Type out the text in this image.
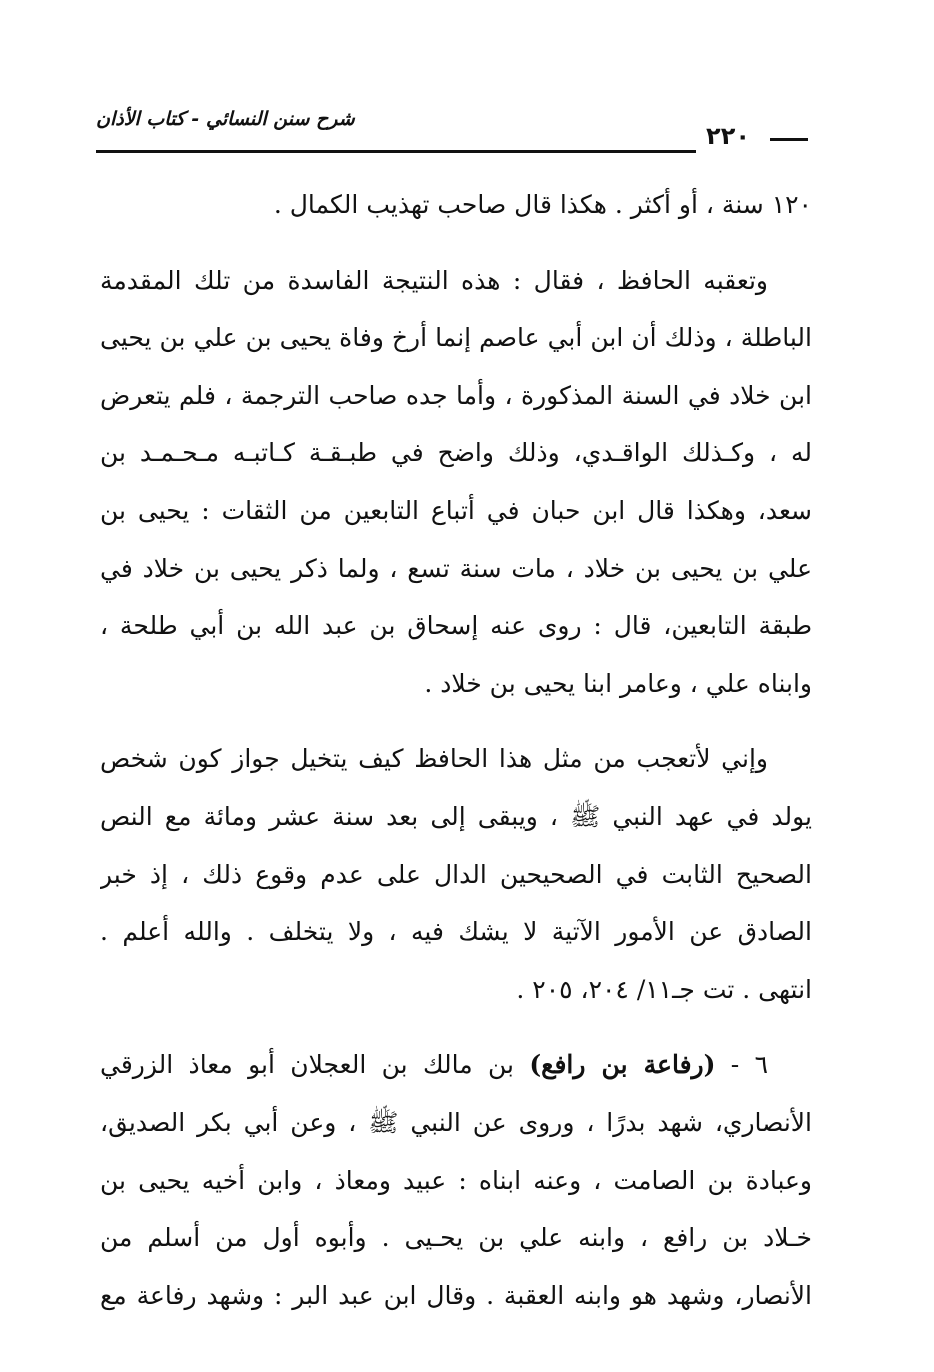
شرح سنن النسائي - كتاب الأذان
٢٢٠
١٢٠ سنة ، أو أكثر . هكذا قال صاحب تهذيب الكمال .
وتعقبه الحافظ ، فقال : هذه النتيجة الفاسدة من تلك المقدمة
الباطلة ، وذلك أن ابن أبي عاصم إنما أرخ وفاة يحيى بن علي بن يحيى
ابن خلاد في السنة المذكورة ، وأما جده صاحب الترجمة ، فلم يتعرض
له ، وكـذلك الواقـدي، وذلك واضح في طبـقـة كـاتبـه مـحـمـد بن
سعد، وهكذا قال ابن حبان في أتباع التابعين من الثقات : يحيى بن
علي بن يحيى بن خلاد ، مات سنة تسع ، ولما ذكر يحيى بن خلاد في
طبقة التابعين، قال : روى عنه إسحاق بن عبد الله بن أبي طلحة ،
وابناه علي ، وعامر ابنا يحيى بن خلاد .
وإني لأتعجب من مثل هذا الحافظ كيف يتخيل جواز كون شخص
يولد في عهد النبي ﷺ ، ويبقى إلى بعد سنة عشر ومائة مع النص
الصحيح الثابت في الصحيحين الدال على عدم وقوع ذلك ، إذ خبر
الصادق عن الأمور الآتية لا يشك فيه ، ولا يتخلف . والله أعلم .
انتهى . تت جـ١١/ ٢٠٤، ٢٠٥ .
٦ - (رفاعة بن رافع) بن مالك بن العجلان أبو معاذ الزرقي
الأنصاري، شهد بدرًا ، وروى عن النبي ﷺ ، وعن أبي بكر الصديق،
وعبادة بن الصامت ، وعنه ابناه : عبيد ومعاذ ، وابن أخيه يحيى بن
خـلاد بن رافع ، وابنه علي بن يحـيى . وأبوه أول من أسلم من
الأنصار، وشهد هو وابنه العقبة . وقال ابن عبد البر : وشهد رفاعة مع
